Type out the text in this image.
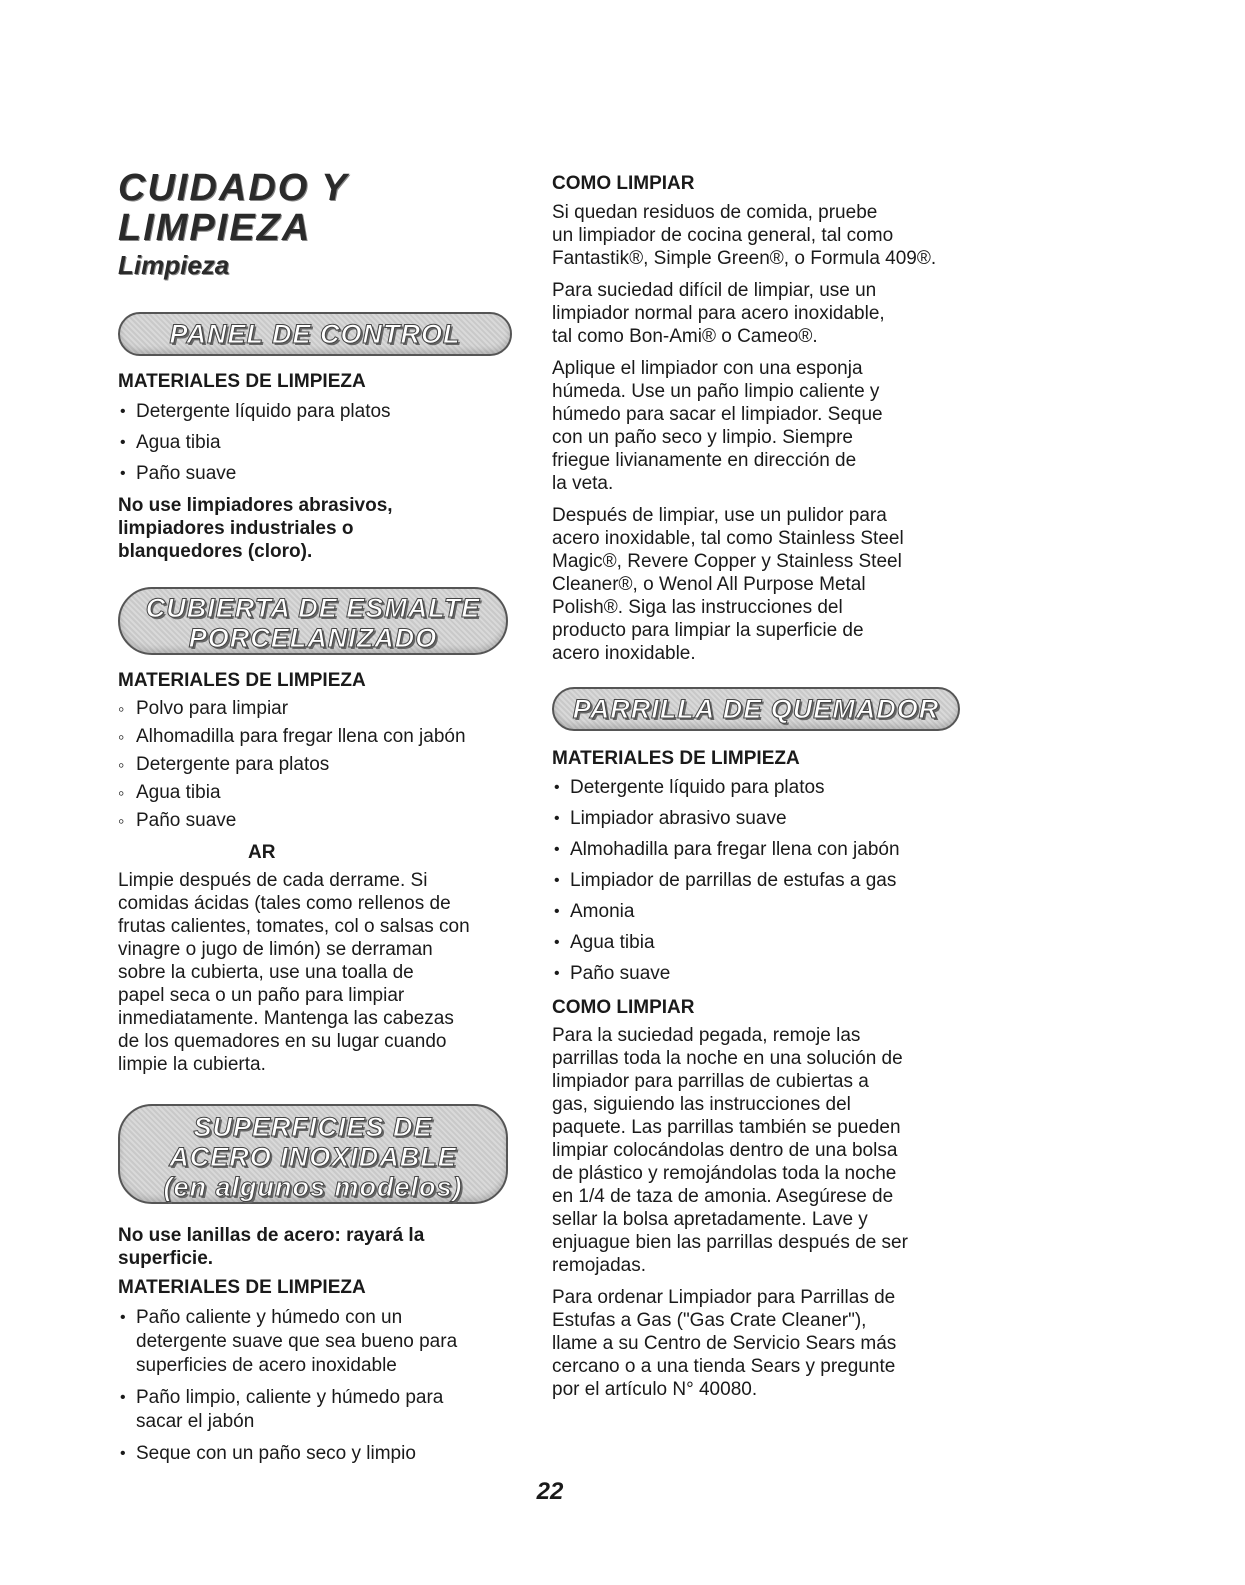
CUIDADO Y LIMPIEZA
Limpieza
PANEL DE CONTROL
MATERIALES DE LIMPIEZA
• Detergente líquido para platos
• Agua tibia
• Paño suave

No use limpiadores abrasivos,

limpiadores industriales o

blanquedores (cloro).

CUBIERTA DE ESMALTE
PORCELANIZADO
MATERIALES DE LIMPIEZA
◦ Polvo para limpiar
◦ Alhomadilla para fregar llena con jabón
◦ Detergente para platos
◦ Agua tibia
◦ Paño suave
AR

Limpie después de cada derrame. Si

comidas ácidas (tales como rellenos de

frutas calientes, tomates, col o salsas con

vinagre o jugo de limón) se derraman

sobre la cubierta, use una toalla de

papel seca o un paño para limpiar

inmediatamente. Mantenga las cabezas

de los quemadores en su lugar cuando

limpie la cubierta.

SUPERFICIES DE
ACERO INOXIDABLE
(en algunos modelos)

No use lanillas de acero: rayará la

superficie.

MATERIALES DE LIMPIEZA
• Paño caliente y húmedo con un
detergente suave que sea bueno para
superficies de acero inoxidable
• Paño limpio, caliente y húmedo para
sacar el jabón
• Seque con un paño seco y limpio
COMO LIMPIAR

Si quedan residuos de comida, pruebe

un limpiador de cocina general, tal como

Fantastik®, Simple Green®, o Formula 409®.

Para suciedad difícil de limpiar, use un

limpiador normal para acero inoxidable,

tal como Bon-Ami® o Cameo®.

Aplique el limpiador con una esponja

húmeda. Use un paño limpio caliente y

húmedo para sacar el limpiador. Seque

con un paño seco y limpio. Siempre

friegue livianamente en dirección de

la veta.

Después de limpiar, use un pulidor para

acero inoxidable, tal como Stainless Steel

Magic®, Revere Copper y Stainless Steel

Cleaner®, o Wenol All Purpose Metal

Polish®. Siga las instrucciones del

producto para limpiar la superficie de

acero inoxidable.

PARRILLA DE QUEMADOR
MATERIALES DE LIMPIEZA
• Detergente líquido para platos
• Limpiador abrasivo suave
• Almohadilla para fregar llena con jabón
• Limpiador de parrillas de estufas a gas
• Amonia
• Agua tibia
• Paño suave
COMO LIMPIAR

Para la suciedad pegada, remoje las

parrillas toda la noche en una solución de

limpiador para parrillas de cubiertas a

gas, siguiendo las instrucciones del

paquete. Las parrillas también se pueden

limpiar colocándolas dentro de una bolsa

de plástico y remojándolas toda la noche

en 1/4 de taza de amonia. Asegúrese de

sellar la bolsa apretadamente. Lave y

enjuague bien las parrillas después de ser

remojadas.

Para ordenar Limpiador para Parrillas de

Estufas a Gas ("Gas Crate Cleaner"),

llame a su Centro de Servicio Sears más

cercano o a una tienda Sears y pregunte

por el artículo N° 40080.

22
